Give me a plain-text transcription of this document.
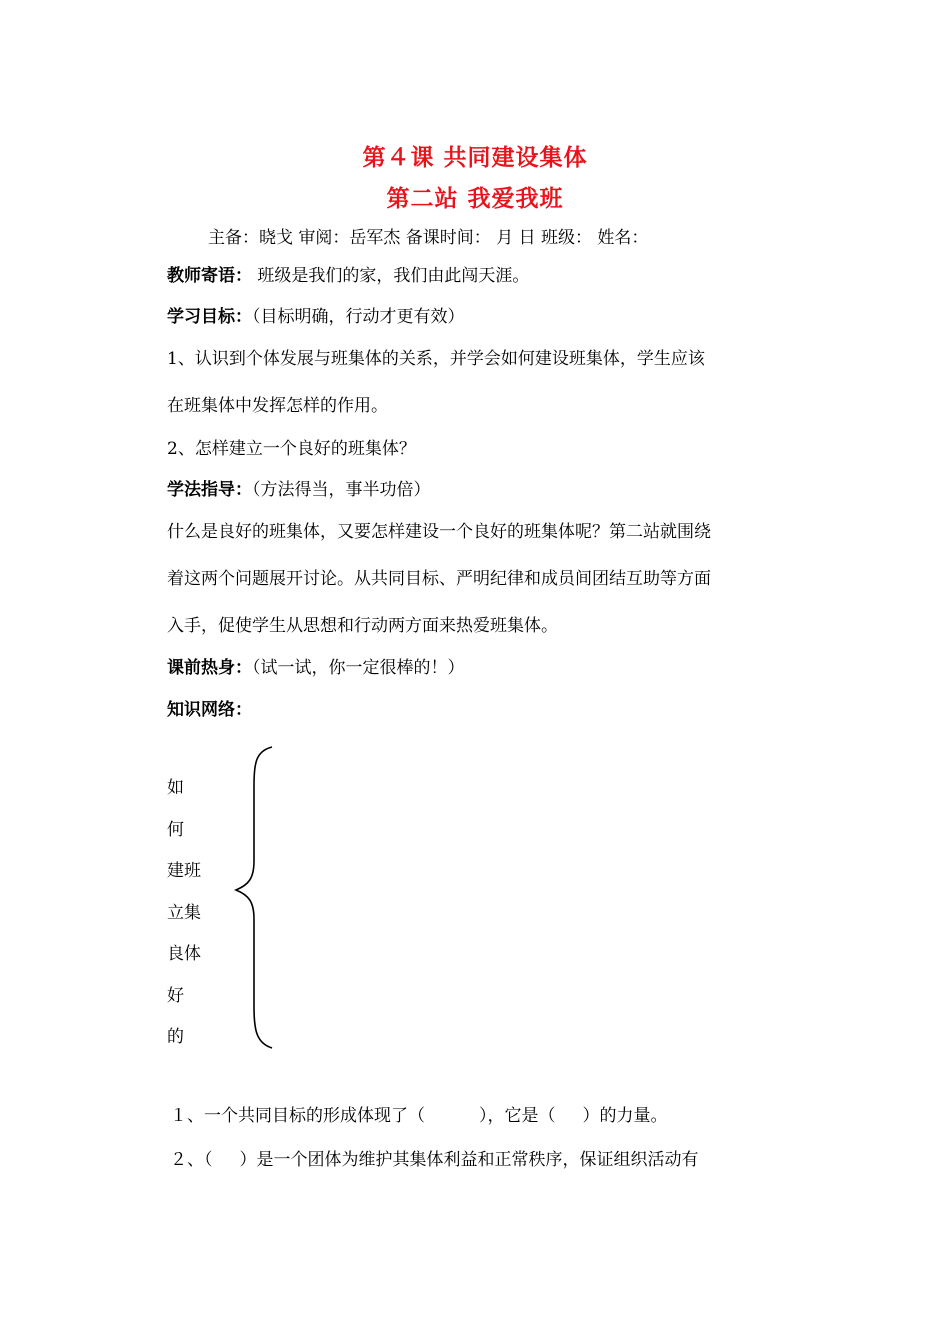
第４课 共同建设集体
第二站 我爱我班
主备：晓戈 审阅：岳军杰 备课时间： 月 日 班级： 姓名：
教师寄语： 班级是我们的家，我们由此闯天涯。
学习目标：（目标明确，行动才更有效）
1、认识到个体发展与班集体的关系，并学会如何建设班集体，学生应该
在班集体中发挥怎样的作用。
2、怎样建立一个良好的班集体？
学法指导：（方法得当，事半功倍）
什么是良好的班集体，又要怎样建设一个良好的班集体呢？第二站就围绕
着这两个问题展开讨论。从共同目标、严明纪律和成员间团结互助等方面
入手，促使学生从思想和行动两方面来热爱班集体。
课前热身：（试一试，你一定很棒的！）
知识网络：
如
何
建班
立集
良体
好
的
１、一个共同目标的形成体现了（          ），它是（     ）的力量。
２、（     ）是一个团体为维护其集体利益和正常秩序，保证组织活动有
